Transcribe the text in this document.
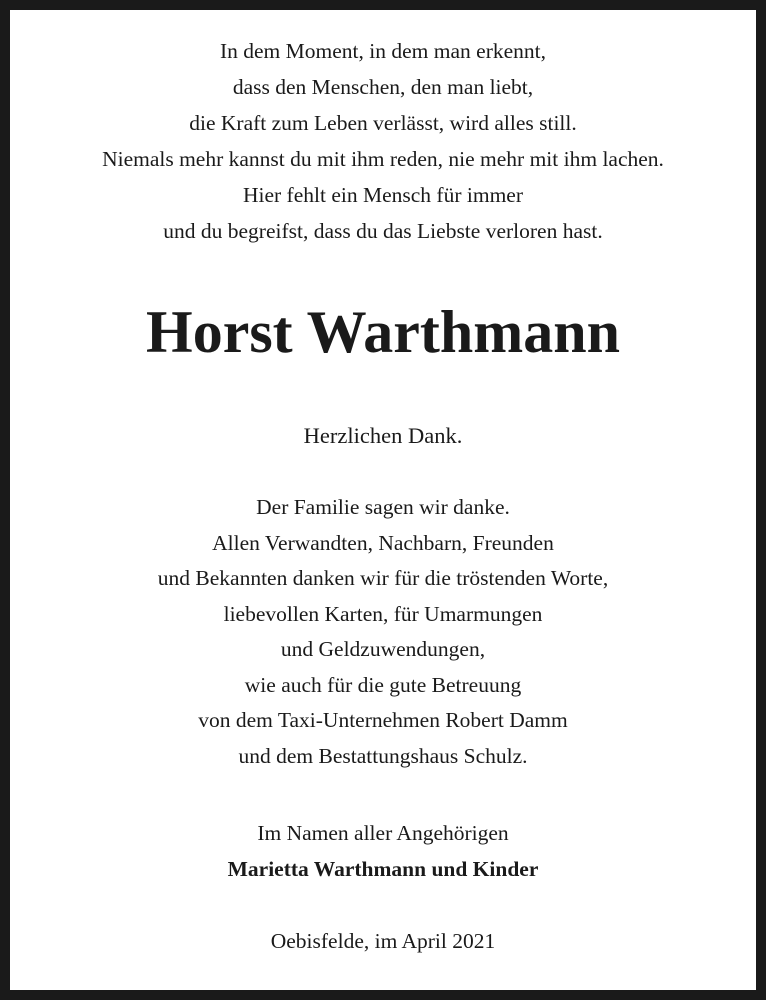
In dem Moment, in dem man erkennt,
dass den Menschen, den man liebt,
die Kraft zum Leben verlässt, wird alles still.
Niemals mehr kannst du mit ihm reden, nie mehr mit ihm lachen.
Hier fehlt ein Mensch für immer
und du begreifst, dass du das Liebste verloren hast.
Horst Warthmann
Herzlichen Dank.
Der Familie sagen wir danke.
Allen Verwandten, Nachbarn, Freunden
und Bekannten danken wir für die tröstenden Worte,
liebevollen Karten, für Umarmungen
und Geldzuwendungen,
wie auch für die gute Betreuung
von dem Taxi-Unternehmen Robert Damm
und dem Bestattungshaus Schulz.
Im Namen aller Angehörigen
Marietta Warthmann und Kinder
Oebisfelde, im April 2021
